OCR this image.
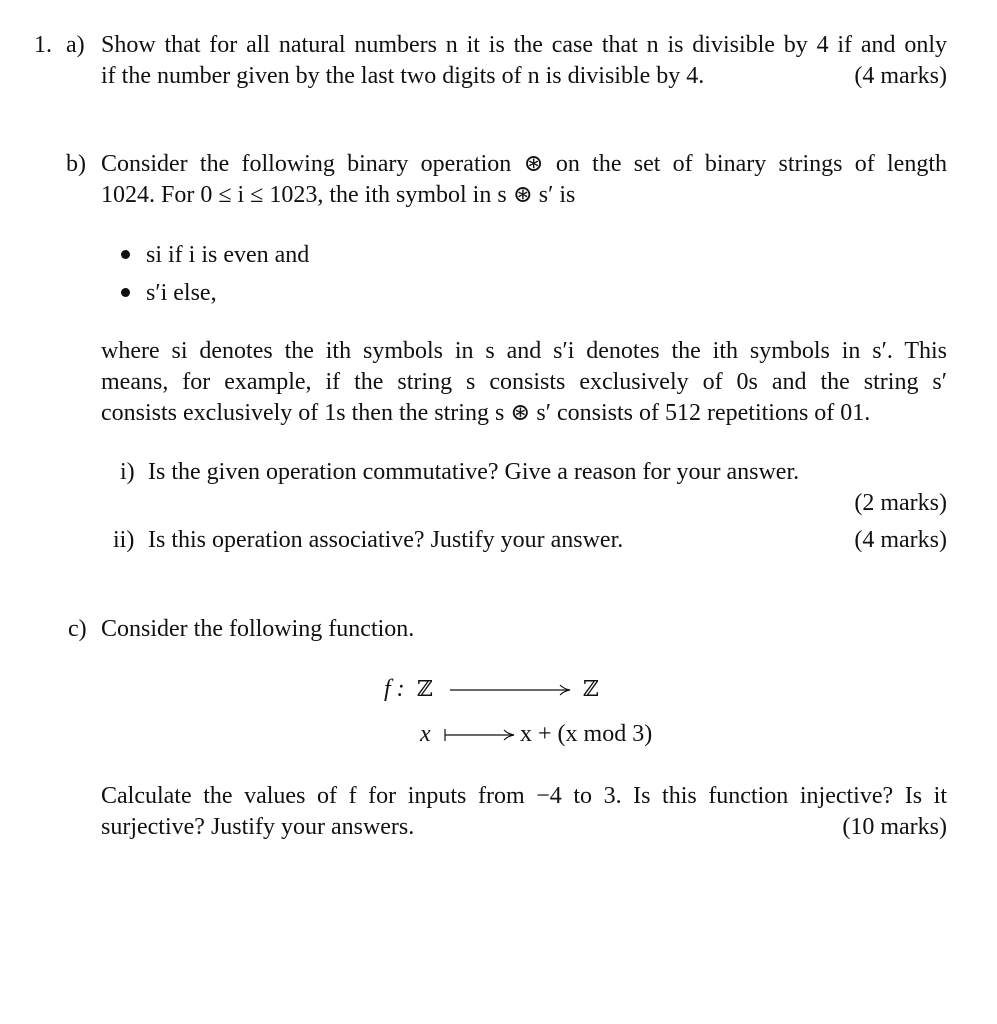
1. a) Show that for all natural numbers n it is the case that n is divisible by 4 if and only
if the number given by the last two digits of n is divisible by 4.	(4 marks)
b) Consider the following binary operation ⊛ on the set of binary strings of length
1024. For 0 ≤ i ≤ 1023, the ith symbol in s ⊛ s′ is
si if i is even and
s′i else,
where si denotes the ith symbols in s and s′i denotes the ith symbols in s′. This
means, for example, if the string s consists exclusively of 0s and the string s′
consists exclusively of 1s then the string s ⊛ s′ consists of 512 repetitions of 01.
i) Is the given operation commutative? Give a reason for your answer.
(2 marks)
ii) Is this operation associative? Justify your answer.	(4 marks)
c) Consider the following function.
f : ℤ	ℤ
x	x + (x mod 3)
Calculate the values of f for inputs from −4 to 3. Is this function injective? Is it
surjective? Justify your answers.	(10 marks)
